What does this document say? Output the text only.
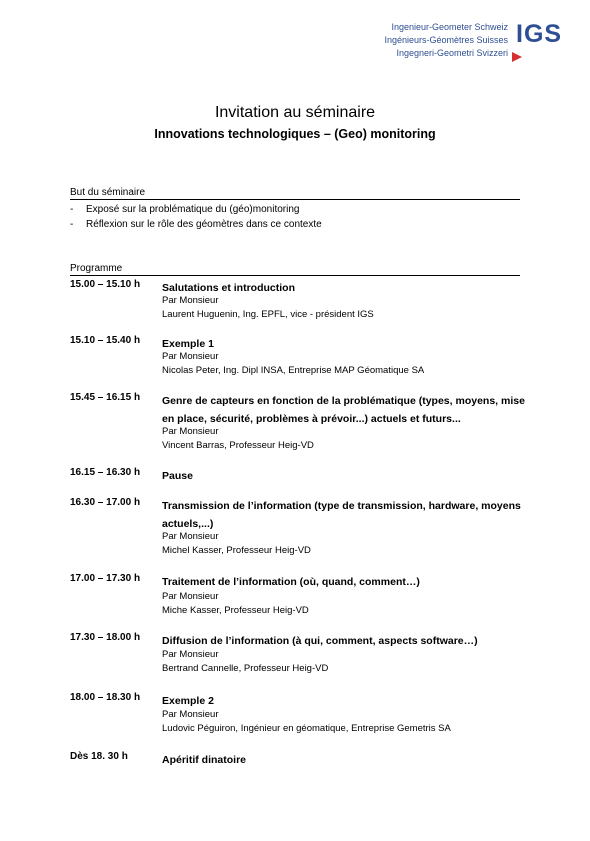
Ingenieur-Geometer Schweiz
Ingénieurs-Géomètres Suisses
Ingegneri-Geometri Svizzeri
IGS
Invitation au séminaire
Innovations technologiques – (Geo) monitoring
But du séminaire
-	Exposé sur la problématique du (géo)monitoring
-	Réflexion sur le rôle des géomètres dans ce contexte
Programme
15.00 – 15.10 h Salutations et introduction
Par Monsieur
Laurent Huguenin, Ing. EPFL, vice - président IGS
15.10 – 15.40 h Exemple 1
Par Monsieur
Nicolas Peter, Ing. Dipl INSA, Entreprise MAP Géomatique SA
15.45 – 16.15 h Genre de capteurs en fonction de la problématique (types, moyens, mise en place, sécurité, problèmes à prévoir...) actuels et futurs...
Par Monsieur
Vincent Barras, Professeur Heig-VD
16.15 – 16.30 h Pause
16.30 – 17.00 h Transmission de l’information (type de transmission, hardware, moyens actuels,...)
Par Monsieur
Michel Kasser, Professeur Heig-VD
17.00 – 17.30 h Traitement de l’information (où, quand, comment…)
Par Monsieur
Miche Kasser, Professeur Heig-VD
17.30 – 18.00 h Diffusion de l’information (à qui, comment, aspects software…)
Par Monsieur
Bertrand Cannelle, Professeur Heig-VD
18.00 – 18.30 h Exemple 2
Par Monsieur
Ludovic Péguiron, Ingénieur en géomatique, Entreprise Gemetris SA
Dès 18. 30 h	Apéritif dinatoire
